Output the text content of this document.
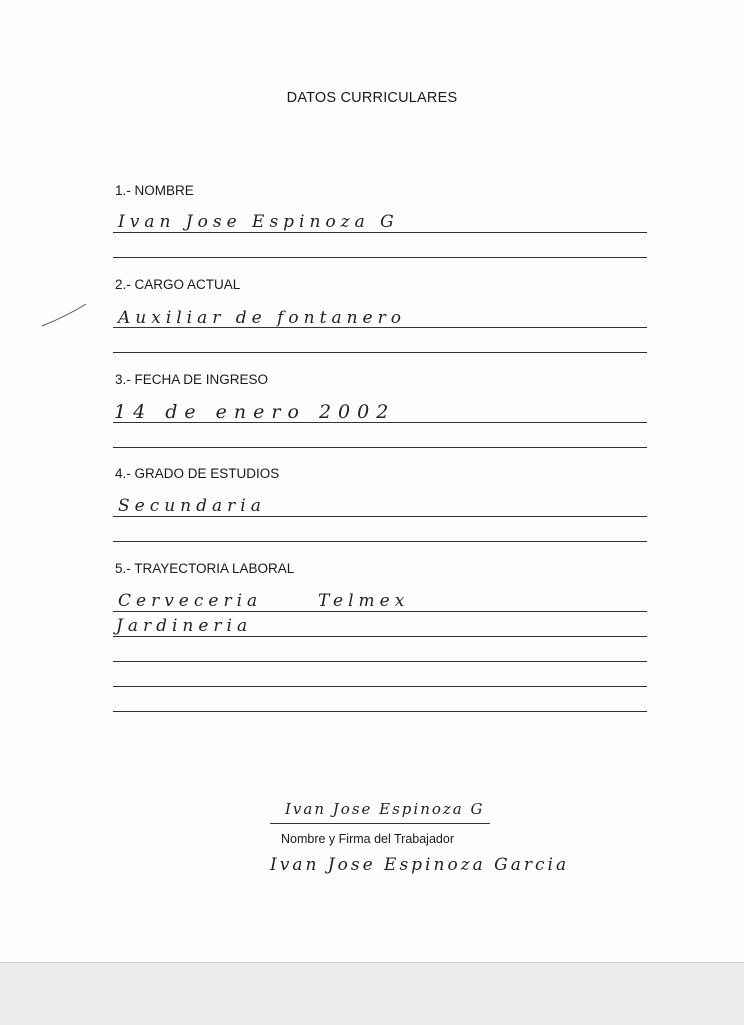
DATOS CURRICULARES
1.- NOMBRE
Ivan Jose Espinoza G
2.- CARGO ACTUAL
Auxiliar de fontanero
3.- FECHA DE INGRESO
14 de enero 2002
4.- GRADO DE ESTUDIOS
Secundaria
5.- TRAYECTORIA LABORAL
Cerveceria	Telmex
Jardineria
Ivan Jose Espinoza G
Nombre y Firma del Trabajador
Ivan Jose Espinoza Garcia
